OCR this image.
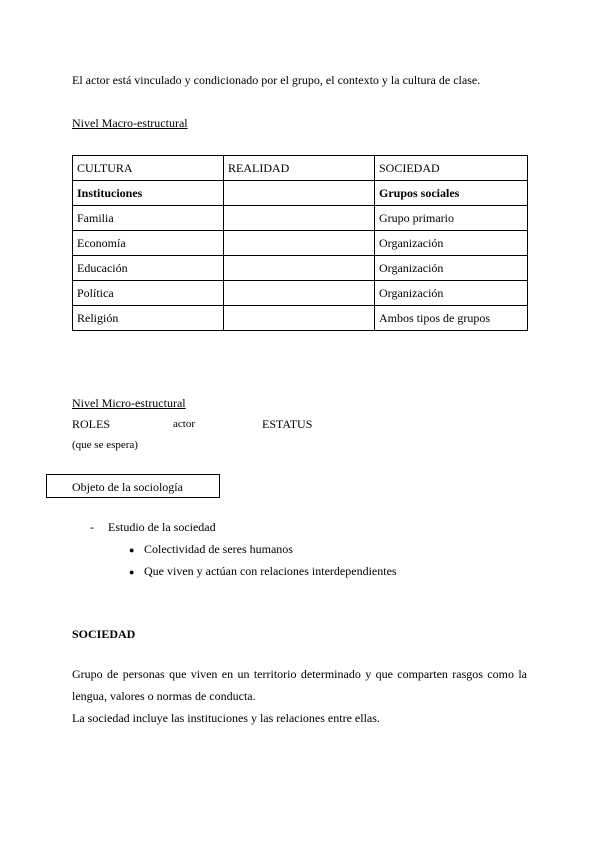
El actor está vinculado y condicionado por el grupo, el contexto y la cultura de clase.
Nivel Macro-estructural
CULTURA	REALIDAD	SOCIEDAD
Instituciones		Grupos sociales
Familia		Grupo primario
Economía		Organización
Educación		Organización
Política		Organización
Religión		Ambos tipos de grupos
Nivel Micro-estructural
ROLES	actor	ESTATUS
(que se espera)
Objeto de la sociología
- Estudio de la sociedad
● Colectividad de seres humanos
● Que viven y actúan con relaciones interdependientes
SOCIEDAD
Grupo de personas que viven en un territorio determinado y que comparten rasgos como la
lengua, valores o normas de conducta.
La sociedad incluye las instituciones y las relaciones entre ellas.
